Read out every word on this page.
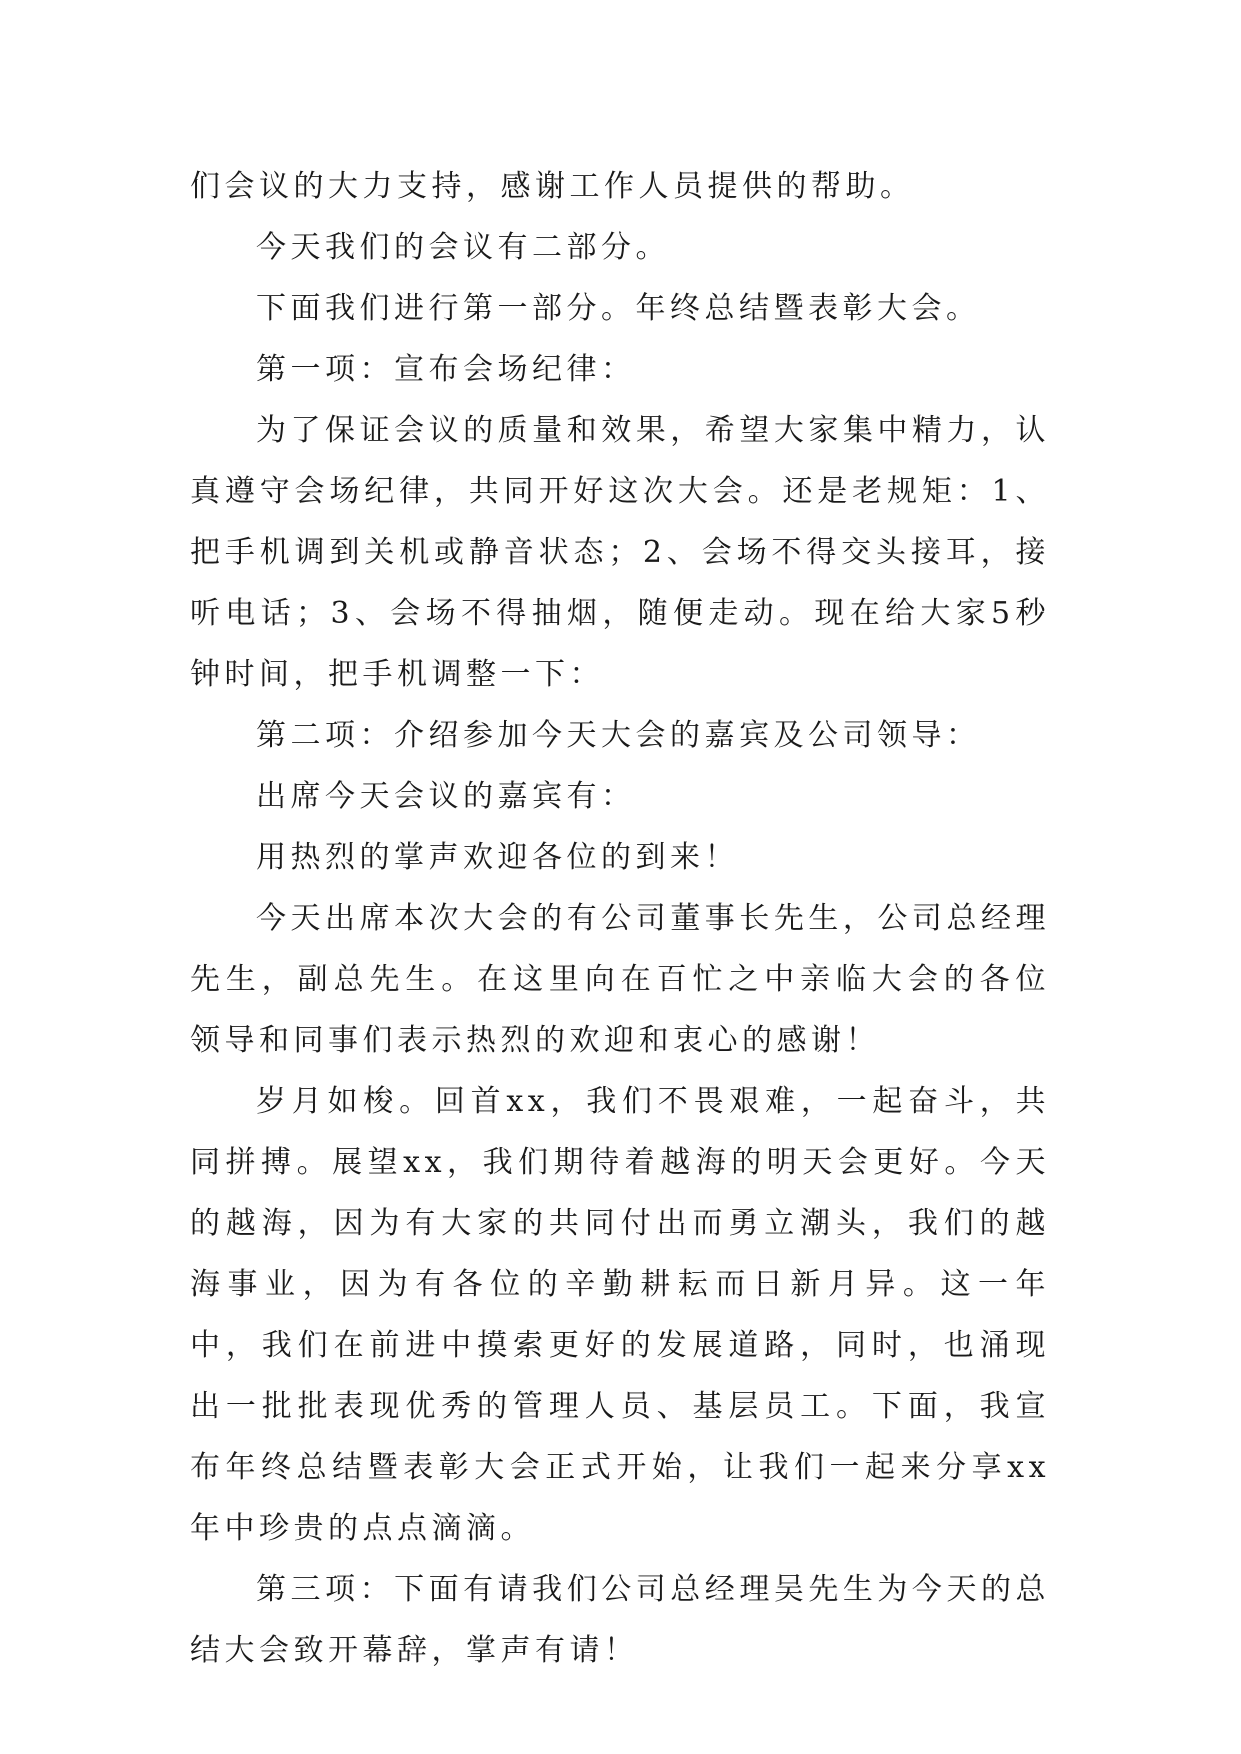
们会议的大力支持，感谢工作人员提供的帮助。

今天我们的会议有二部分。

下面我们进行第一部分。年终总结暨表彰大会。

第一项：宣布会场纪律：

为了保证会议的质量和效果，希望大家集中精力，认真遵守会场纪律，共同开好这次大会。还是老规矩：1、把手机调到关机或静音状态；2、会场不得交头接耳，接听电话；3、会场不得抽烟，随便走动。现在给大家5秒钟时间，把手机调整一下：

第二项：介绍参加今天大会的嘉宾及公司领导：

出席今天会议的嘉宾有：

用热烈的掌声欢迎各位的到来！

今天出席本次大会的有公司董事长先生，公司总经理先生，副总先生。在这里向在百忙之中亲临大会的各位领导和同事们表示热烈的欢迎和衷心的感谢！

岁月如梭。回首xx，我们不畏艰难，一起奋斗，共同拼搏。展望xx，我们期待着越海的明天会更好。今天的越海，因为有大家的共同付出而勇立潮头，我们的越海事业，因为有各位的辛勤耕耘而日新月异。这一年中，我们在前进中摸索更好的发展道路，同时，也涌现出一批批表现优秀的管理人员、基层员工。下面，我宣布年终总结暨表彰大会正式开始，让我们一起来分享xx年中珍贵的点点滴滴。

第三项：下面有请我们公司总经理吴先生为今天的总结大会致开幕辞，掌声有请！
